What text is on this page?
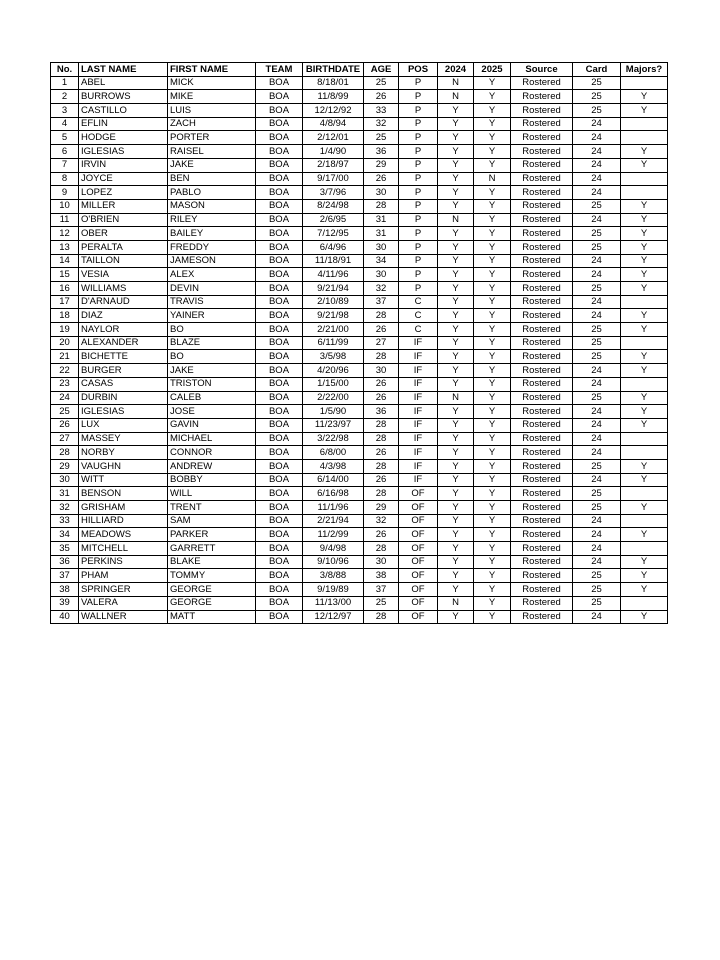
No.	LAST NAME	FIRST NAME	TEAM	BIRTHDATE	AGE	POS	2024	2025	Source	Card	Majors?
1	ABEL	MICK	BOA	8/18/01	25	P	N	Y	Rostered	25	
2	BURROWS	MIKE	BOA	11/8/99	26	P	N	Y	Rostered	25	Y
3	CASTILLO	LUIS	BOA	12/12/92	33	P	Y	Y	Rostered	25	Y
4	EFLIN	ZACH	BOA	4/8/94	32	P	Y	Y	Rostered	24	
5	HODGE	PORTER	BOA	2/12/01	25	P	Y	Y	Rostered	24	
6	IGLESIAS	RAISEL	BOA	1/4/90	36	P	Y	Y	Rostered	24	Y
7	IRVIN	JAKE	BOA	2/18/97	29	P	Y	Y	Rostered	24	Y
8	JOYCE	BEN	BOA	9/17/00	26	P	Y	N	Rostered	24	
9	LOPEZ	PABLO	BOA	3/7/96	30	P	Y	Y	Rostered	24	
10	MILLER	MASON	BOA	8/24/98	28	P	Y	Y	Rostered	25	Y
11	O'BRIEN	RILEY	BOA	2/6/95	31	P	N	Y	Rostered	24	Y
12	OBER	BAILEY	BOA	7/12/95	31	P	Y	Y	Rostered	25	Y
13	PERALTA	FREDDY	BOA	6/4/96	30	P	Y	Y	Rostered	25	Y
14	TAILLON	JAMESON	BOA	11/18/91	34	P	Y	Y	Rostered	24	Y
15	VESIA	ALEX	BOA	4/11/96	30	P	Y	Y	Rostered	24	Y
16	WILLIAMS	DEVIN	BOA	9/21/94	32	P	Y	Y	Rostered	25	Y
17	D'ARNAUD	TRAVIS	BOA	2/10/89	37	C	Y	Y	Rostered	24	
18	DIAZ	YAINER	BOA	9/21/98	28	C	Y	Y	Rostered	24	Y
19	NAYLOR	BO	BOA	2/21/00	26	C	Y	Y	Rostered	25	Y
20	ALEXANDER	BLAZE	BOA	6/11/99	27	IF	Y	Y	Rostered	25	
21	BICHETTE	BO	BOA	3/5/98	28	IF	Y	Y	Rostered	25	Y
22	BURGER	JAKE	BOA	4/20/96	30	IF	Y	Y	Rostered	24	Y
23	CASAS	TRISTON	BOA	1/15/00	26	IF	Y	Y	Rostered	24	
24	DURBIN	CALEB	BOA	2/22/00	26	IF	N	Y	Rostered	25	Y
25	IGLESIAS	JOSE	BOA	1/5/90	36	IF	Y	Y	Rostered	24	Y
26	LUX	GAVIN	BOA	11/23/97	28	IF	Y	Y	Rostered	24	Y
27	MASSEY	MICHAEL	BOA	3/22/98	28	IF	Y	Y	Rostered	24	
28	NORBY	CONNOR	BOA	6/8/00	26	IF	Y	Y	Rostered	24	
29	VAUGHN	ANDREW	BOA	4/3/98	28	IF	Y	Y	Rostered	25	Y
30	WITT	BOBBY	BOA	6/14/00	26	IF	Y	Y	Rostered	24	Y
31	BENSON	WILL	BOA	6/16/98	28	OF	Y	Y	Rostered	25	
32	GRISHAM	TRENT	BOA	11/1/96	29	OF	Y	Y	Rostered	25	Y
33	HILLIARD	SAM	BOA	2/21/94	32	OF	Y	Y	Rostered	24	
34	MEADOWS	PARKER	BOA	11/2/99	26	OF	Y	Y	Rostered	24	Y
35	MITCHELL	GARRETT	BOA	9/4/98	28	OF	Y	Y	Rostered	24	
36	PERKINS	BLAKE	BOA	9/10/96	30	OF	Y	Y	Rostered	24	Y
37	PHAM	TOMMY	BOA	3/8/88	38	OF	Y	Y	Rostered	25	Y
38	SPRINGER	GEORGE	BOA	9/19/89	37	OF	Y	Y	Rostered	25	Y
39	VALERA	GEORGE	BOA	11/13/00	25	OF	N	Y	Rostered	25	
40	WALLNER	MATT	BOA	12/12/97	28	OF	Y	Y	Rostered	24	Y
